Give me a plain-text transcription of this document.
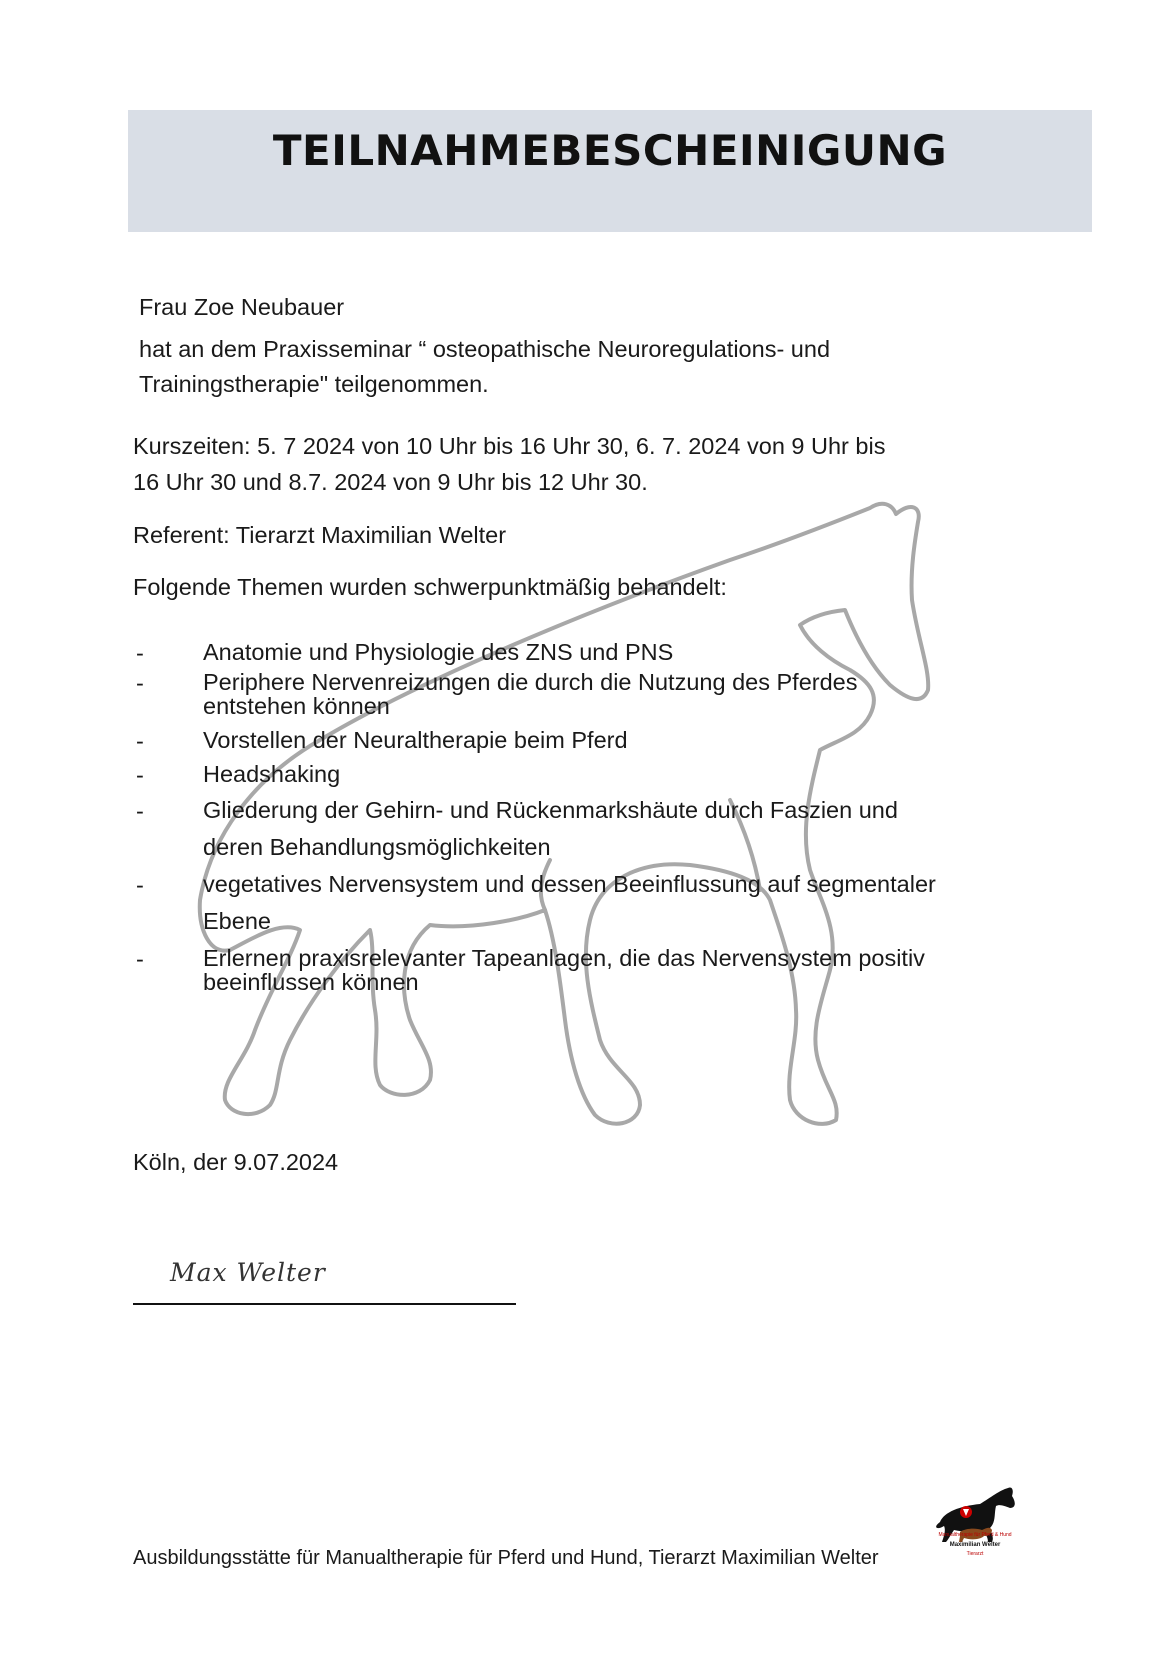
TEILNAHMEBESCHEINIGUNG
Frau Zoe Neubauer
hat an dem Praxisseminar “ osteopathische Neuroregulations- und
Trainingstherapie" teilgenommen.
Kurszeiten: 5. 7 2024 von 10 Uhr bis 16 Uhr 30, 6. 7. 2024 von 9 Uhr bis
16 Uhr 30 und 8.7. 2024 von 9 Uhr bis 12 Uhr 30.
Referent: Tierarzt Maximilian Welter
Folgende Themen wurden schwerpunktmäßig behandelt:
-	Anatomie und Physiologie des ZNS und PNS
-	Periphere Nervenreizungen die durch die Nutzung des Pferdes
entstehen können
-	Vorstellen der Neuraltherapie beim Pferd
-	Headshaking
-	Gliederung der Gehirn- und Rückenmarkshäute durch Faszien und
deren Behandlungsmöglichkeiten
-	vegetatives Nervensystem und dessen Beeinflussung auf segmentaler
Ebene
-	Erlernen praxisrelevanter Tapeanlagen, die das Nervensystem positiv
beeinflussen können
Köln, der 9.07.2024
Max Welter
Ausbildungsstätte für Manualtherapie für Pferd und Hund, Tierarzt Maximilian Welter
Manualtherapie für Pferd & Hund
Maximilian Welter
Tierarzt
